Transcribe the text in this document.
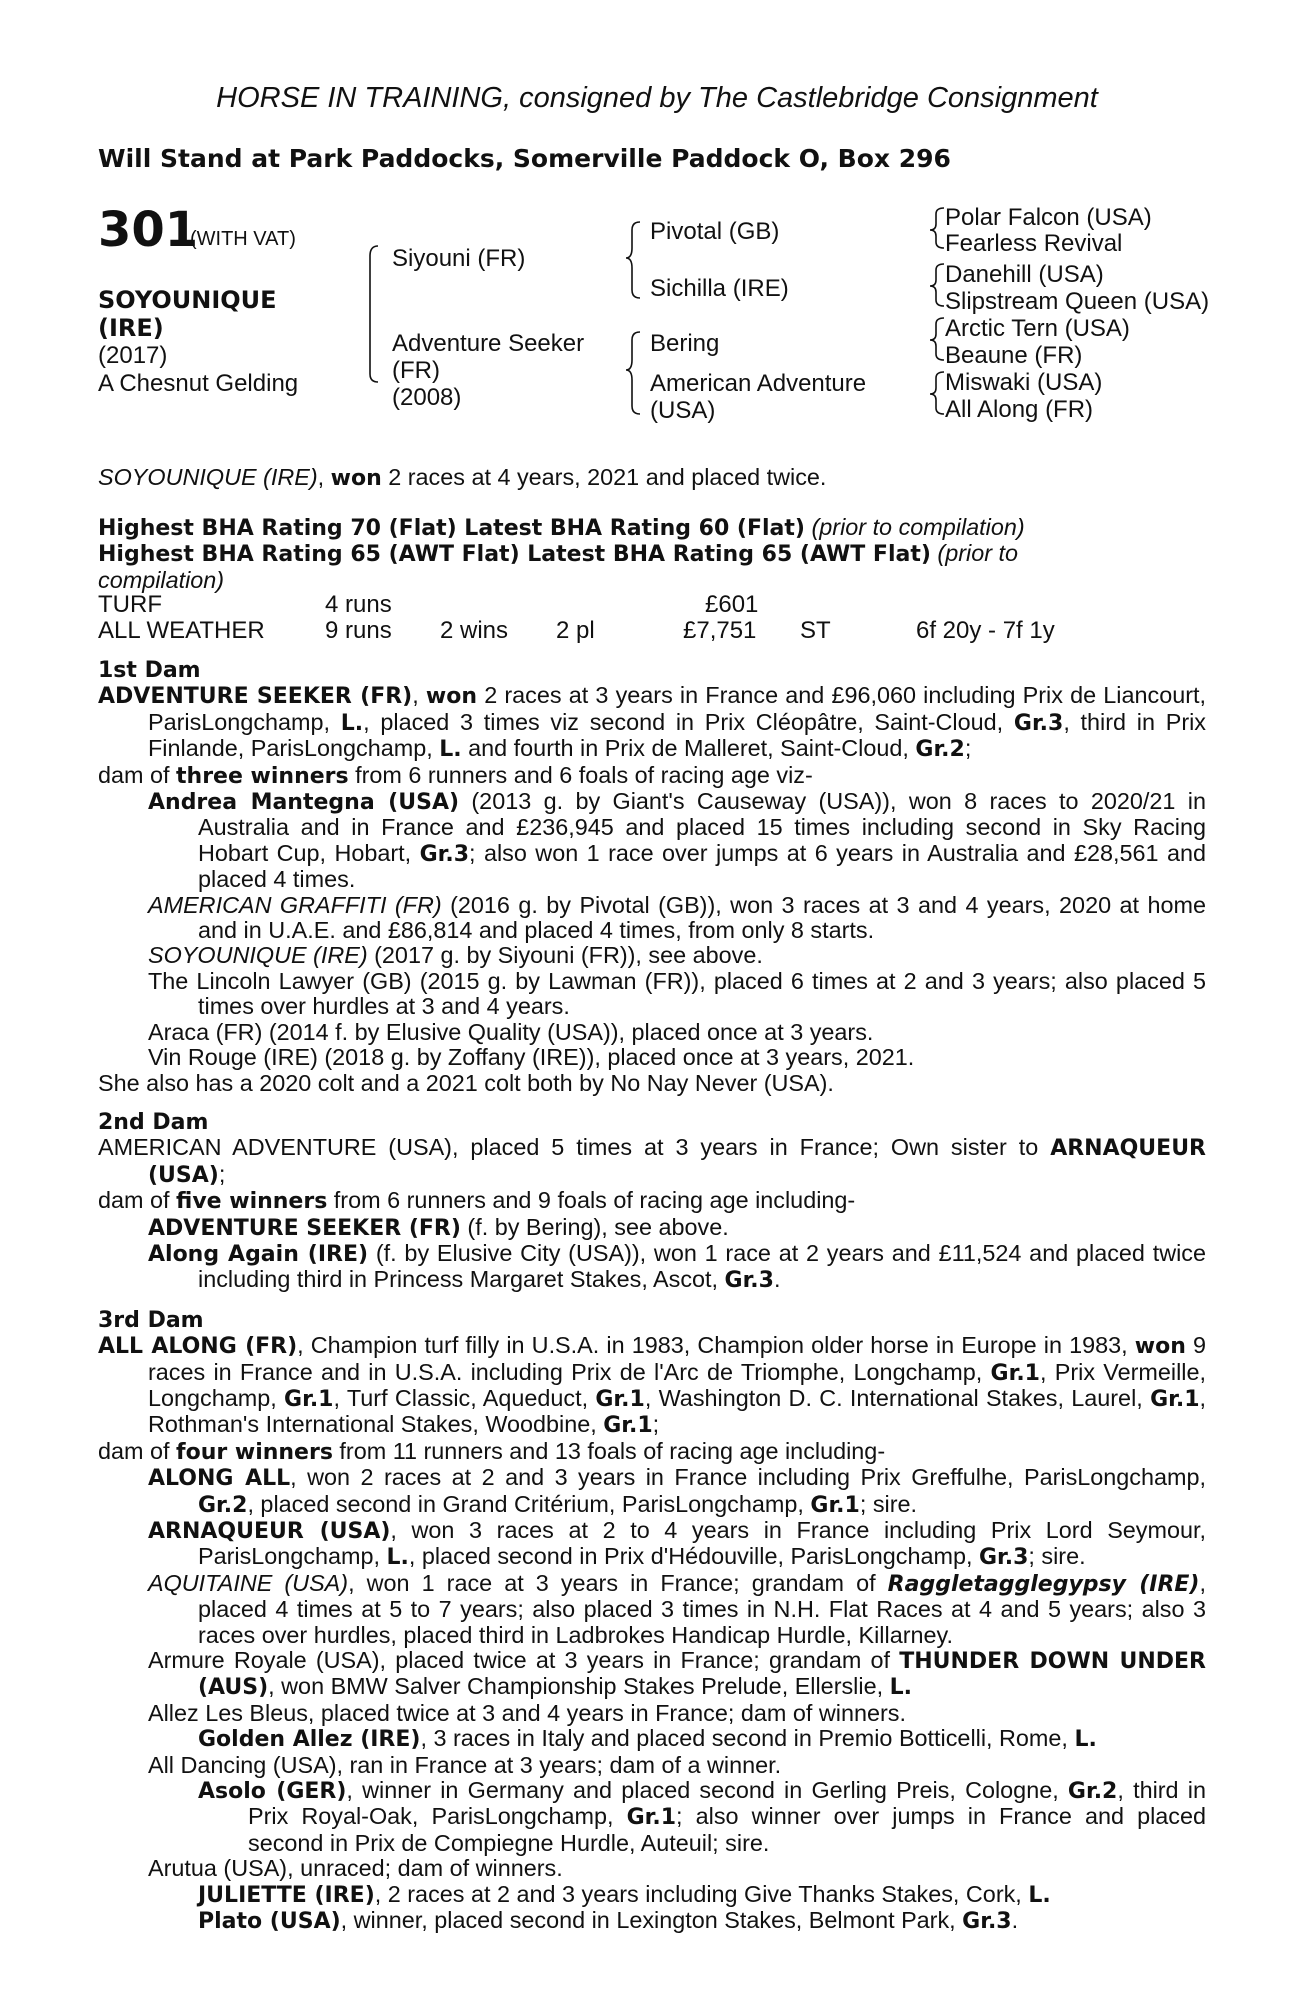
HORSE IN TRAINING, consigned by The Castlebridge Consignment
Will Stand at Park Paddocks, Somerville Paddock O, Box 296
301
(WITH VAT)
SOYOUNIQUE
(IRE)
(2017)
A Chesnut Gelding
Siyouni (FR)
Adventure Seeker
(FR)
(2008)
Pivotal (GB)
Sichilla (IRE)
Bering
American Adventure
(USA)
Polar Falcon (USA)
Fearless Revival
Danehill (USA)
Slipstream Queen (USA)
Arctic Tern (USA)
Beaune (FR)
Miswaki (USA)
All Along (FR)
SOYOUNIQUE (IRE), won 2 races at 4 years, 2021 and placed twice.
Highest BHA Rating 70 (Flat) Latest BHA Rating 60 (Flat) (prior to compilation)
Highest BHA Rating 65 (AWT Flat) Latest BHA Rating 65 (AWT Flat) (prior to
compilation)
TURF	4 runs	£601
ALL WEATHER	9 runs 2 wins 2 pl	£7,751 ST	6f 20y - 7f 1y
1st Dam
ADVENTURE SEEKER (FR), won 2 races at 3 years in France and £96,060 including Prix de Liancourt, ParisLongchamp, L., placed 3 times viz second in Prix Cléopâtre, Saint-Cloud, Gr.3, third in Prix Finlande, ParisLongchamp, L. and fourth in Prix de Malleret, Saint-Cloud, Gr.2;
dam of three winners from 6 runners and 6 foals of racing age viz-
Andrea Mantegna (USA) (2013 g. by Giant's Causeway (USA)), won 8 races to 2020/21 in Australia and in France and £236,945 and placed 15 times including second in Sky Racing Hobart Cup, Hobart, Gr.3; also won 1 race over jumps at 6 years in Australia and £28,561 and placed 4 times.
AMERICAN GRAFFITI (FR) (2016 g. by Pivotal (GB)), won 3 races at 3 and 4 years, 2020 at home and in U.A.E. and £86,814 and placed 4 times, from only 8 starts.
SOYOUNIQUE (IRE) (2017 g. by Siyouni (FR)), see above.
The Lincoln Lawyer (GB) (2015 g. by Lawman (FR)), placed 6 times at 2 and 3 years; also placed 5 times over hurdles at 3 and 4 years.
Araca (FR) (2014 f. by Elusive Quality (USA)), placed once at 3 years.
Vin Rouge (IRE) (2018 g. by Zoffany (IRE)), placed once at 3 years, 2021.
She also has a 2020 colt and a 2021 colt both by No Nay Never (USA).
2nd Dam
AMERICAN ADVENTURE (USA), placed 5 times at 3 years in France; Own sister to ARNAQUEUR (USA);
dam of five winners from 6 runners and 9 foals of racing age including-
ADVENTURE SEEKER (FR) (f. by Bering), see above.
Along Again (IRE) (f. by Elusive City (USA)), won 1 race at 2 years and £11,524 and placed twice including third in Princess Margaret Stakes, Ascot, Gr.3.
3rd Dam
ALL ALONG (FR), Champion turf filly in U.S.A. in 1983, Champion older horse in Europe in 1983, won 9 races in France and in U.S.A. including Prix de l'Arc de Triomphe, Longchamp, Gr.1, Prix Vermeille, Longchamp, Gr.1, Turf Classic, Aqueduct, Gr.1, Washington D. C. International Stakes, Laurel, Gr.1, Rothman's International Stakes, Woodbine, Gr.1;
dam of four winners from 11 runners and 13 foals of racing age including-
ALONG ALL, won 2 races at 2 and 3 years in France including Prix Greffulhe, ParisLongchamp, Gr.2, placed second in Grand Critérium, ParisLongchamp, Gr.1; sire.
ARNAQUEUR (USA), won 3 races at 2 to 4 years in France including Prix Lord Seymour, ParisLongchamp, L., placed second in Prix d'Hédouville, ParisLongchamp, Gr.3; sire.
AQUITAINE (USA), won 1 race at 3 years in France; grandam of Raggletagglegypsy (IRE), placed 4 times at 5 to 7 years; also placed 3 times in N.H. Flat Races at 4 and 5 years; also 3 races over hurdles, placed third in Ladbrokes Handicap Hurdle, Killarney.
Armure Royale (USA), placed twice at 3 years in France; grandam of THUNDER DOWN UNDER (AUS), won BMW Salver Championship Stakes Prelude, Ellerslie, L.
Allez Les Bleus, placed twice at 3 and 4 years in France; dam of winners.
Golden Allez (IRE), 3 races in Italy and placed second in Premio Botticelli, Rome, L.
All Dancing (USA), ran in France at 3 years; dam of a winner.
Asolo (GER), winner in Germany and placed second in Gerling Preis, Cologne, Gr.2, third in Prix Royal-Oak, ParisLongchamp, Gr.1; also winner over jumps in France and placed second in Prix de Compiegne Hurdle, Auteuil; sire.
Arutua (USA), unraced; dam of winners.
JULIETTE (IRE), 2 races at 2 and 3 years including Give Thanks Stakes, Cork, L.
Plato (USA), winner, placed second in Lexington Stakes, Belmont Park, Gr.3.
